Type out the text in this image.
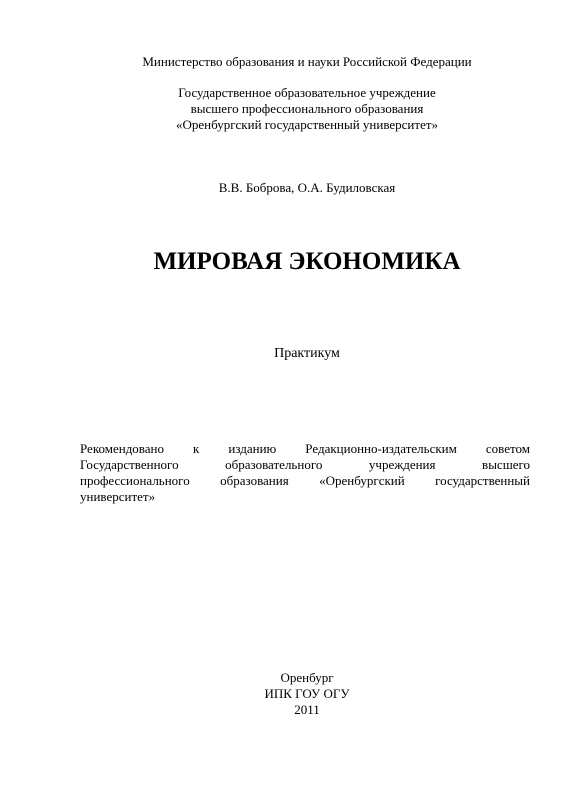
Министерство образования и науки Российской Федерации
Государственное образовательное учреждение
высшего профессионального образования
«Оренбургский государственный университет»
В.В. Боброва, О.А. Будиловская
МИРОВАЯ ЭКОНОМИКА
Практикум
Рекомендовано к изданию Редакционно-издательским советом
Государственного образовательного учреждения высшего
профессионального образования «Оренбургский государственный
университет»
Оренбург
ИПК ГОУ ОГУ
2011
